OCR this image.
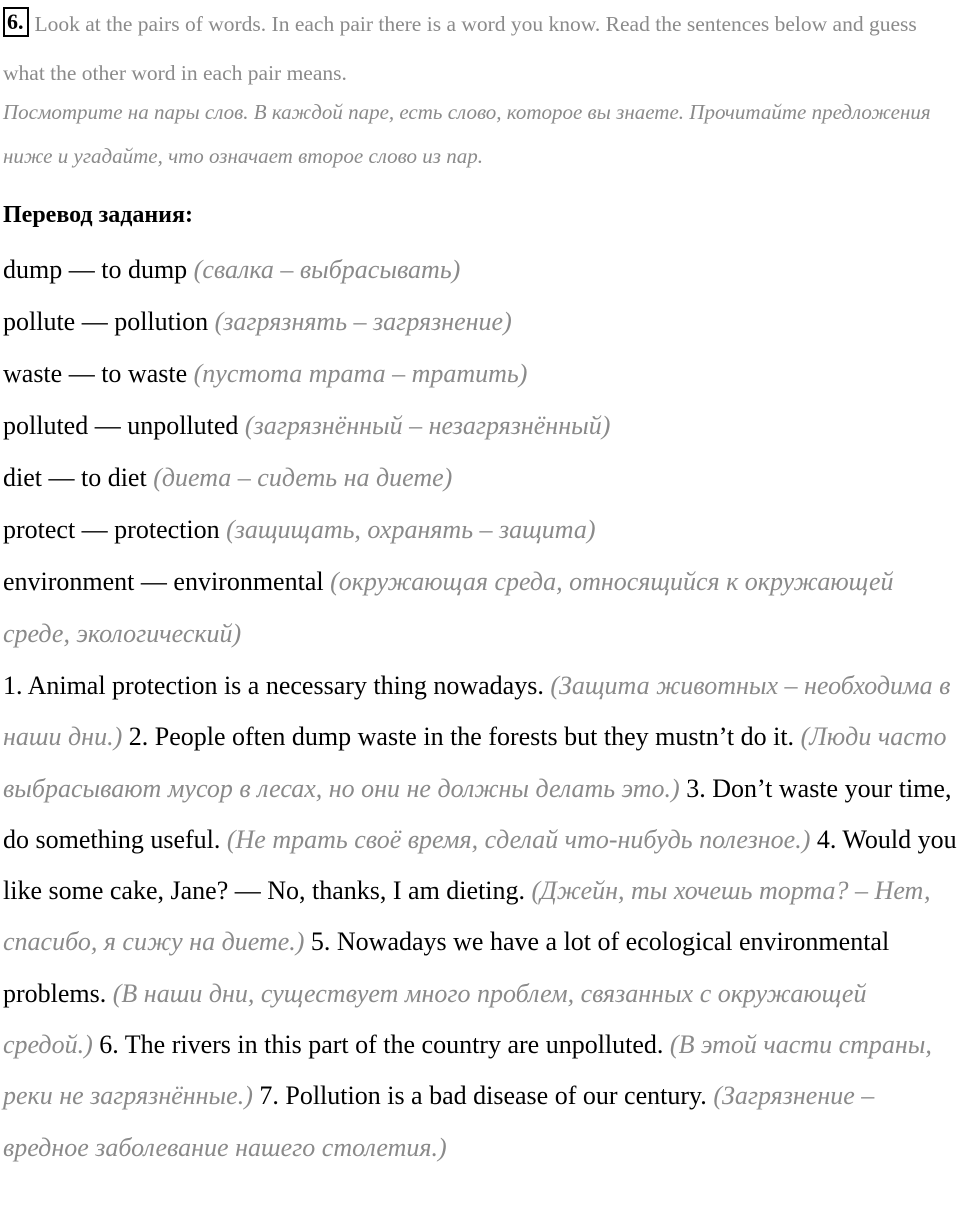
6. Look at the pairs of words. In each pair there is a word you know. Read the sentences below and guess what the other word in each pair means.

Посмотрите на пары слов. В каждой паре, есть слово, которое вы знаете. Прочитайте предложения ниже и угадайте, что означает второе слово из пар.

Перевод задания:

dump — to dump (свалка – выбрасывать)
pollute — pollution (загрязнять – загрязнение)
waste — to waste (пустота трата – тратить)
polluted — unpolluted (загрязнённый – незагрязнённый)
diet — to diet (диета – сидеть на диете)
protect — protection (защищать, охранять – защита)
environment — environmental (окружающая среда, относящийся к окружающей среде, экологический)

1. Animal protection is a necessary thing nowadays. (Защита животных – необходима в наши дни.) 2. People often dump waste in the forests but they mustn’t do it. (Люди часто выбрасывают мусор в лесах, но они не должны делать это.) 3. Don’t waste your time, do something useful. (Не трать своё время, сделай что-нибудь полезное.) 4. Would you like some cake, Jane? — No, thanks, I am dieting. (Джейн, ты хочешь торта? – Нет, спасибо, я сижу на диете.) 5. Nowadays we have a lot of ecological environmental problems. (В наши дни, существует много проблем, связанных с окружающей средой.) 6. The rivers in this part of the country are unpolluted. (В этой части страны, реки не загрязнённые.) 7. Pollution is a bad disease of our century. (Загрязнение – вредное заболевание нашего столетия.)
